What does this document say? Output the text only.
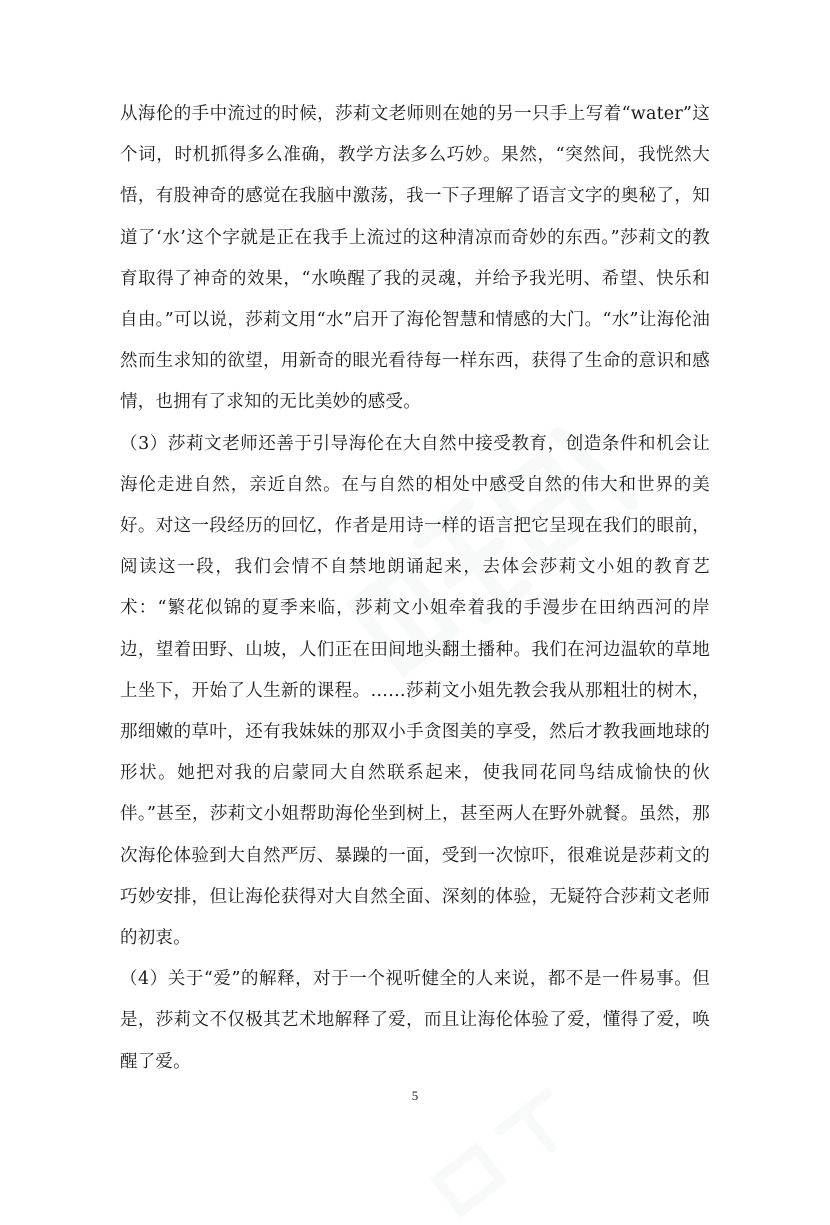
从海伦的手中流过的时候，莎莉文老师则在她的另一只手上写着“water”这个词，时机抓得多么准确，教学方法多么巧妙。果然，“突然间，我恍然大悟，有股神奇的感觉在我脑中激荡，我一下子理解了语言文字的奥秘了，知道了‘水’这个字就是正在我手上流过的这种清凉而奇妙的东西。”莎莉文的教育取得了神奇的效果，“水唤醒了我的灵魂，并给予我光明、希望、快乐和自由。”可以说，莎莉文用“水”启开了海伦智慧和情感的大门。“水”让海伦油然而生求知的欲望，用新奇的眼光看待每一样东西，获得了生命的意识和感情，也拥有了求知的无比美妙的感受。

（3）莎莉文老师还善于引导海伦在大自然中接受教育，创造条件和机会让海伦走进自然，亲近自然。在与自然的相处中感受自然的伟大和世界的美好。对这一段经历的回忆，作者是用诗一样的语言把它呈现在我们的眼前，阅读这一段，我们会情不自禁地朗诵起来，去体会莎莉文小姐的教育艺术：“繁花似锦的夏季来临，莎莉文小姐牵着我的手漫步在田纳西河的岸边，望着田野、山坡，人们正在田间地头翻土播种。我们在河边温软的草地上坐下，开始了人生新的课程。……莎莉文小姐先教会我从那粗壮的树木，那细嫩的草叶，还有我妹妹的那双小手贪图美的享受，然后才教我画地球的形状。她把对我的启蒙同大自然联系起来，使我同花同鸟结成愉快的伙伴。”甚至，莎莉文小姐帮助海伦坐到树上，甚至两人在野外就餐。虽然，那次海伦体验到大自然严厉、暴躁的一面，受到一次惊吓，很难说是莎莉文的巧妙安排，但让海伦获得对大自然全面、深刻的体验，无疑符合莎莉文老师的初衷。

（4）关于“爱”的解释，对于一个视听健全的人来说，都不是一件易事。但是，莎莉文不仅极其艺术地解释了爱，而且让海伦体验了爱，懂得了爱，唤醒了爱。

5
